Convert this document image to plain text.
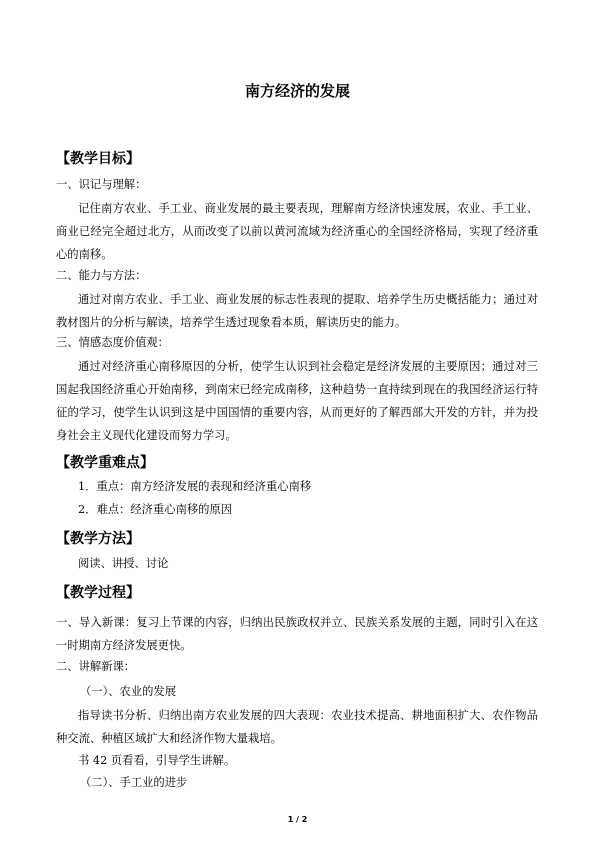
南方经济的发展
【教学目标】
一、识记与理解：
记住南方农业、手工业、商业发展的最主要表现，理解南方经济快速发展，农业、手工业、商业已经完全超过北方，从而改变了以前以黄河流域为经济重心的全国经济格局，实现了经济重心的南移。
二、能力与方法：
通过对南方农业、手工业、商业发展的标志性表现的提取、培养学生历史概括能力；通过对教材图片的分析与解读，培养学生透过现象看本质，解读历史的能力。
三、情感态度价值观：
通过对经济重心南移原因的分析，使学生认识到社会稳定是经济发展的主要原因；通过对三国起我国经济重心开始南移，到南宋已经完成南移，这种趋势一直持续到现在的我国经济运行特征的学习，使学生认识到这是中国国情的重要内容，从而更好的了解西部大开发的方针，并为投身社会主义现代化建设而努力学习。
【教学重难点】
1．重点：南方经济发展的表现和经济重心南移
2．难点：经济重心南移的原因
【教学方法】
阅读、讲授、讨论
【教学过程】
一、导入新课：复习上节课的内容，归纳出民族政权并立、民族关系发展的主题，同时引入在这一时期南方经济发展更快。
二、讲解新课：
（一）、农业的发展
指导读书分析、归纳出南方农业发展的四大表现：农业技术提高、耕地面积扩大、农作物品种交流、种植区域扩大和经济作物大量栽培。
书 42 页看看，引导学生讲解。
（二）、手工业的进步
1 / 2
